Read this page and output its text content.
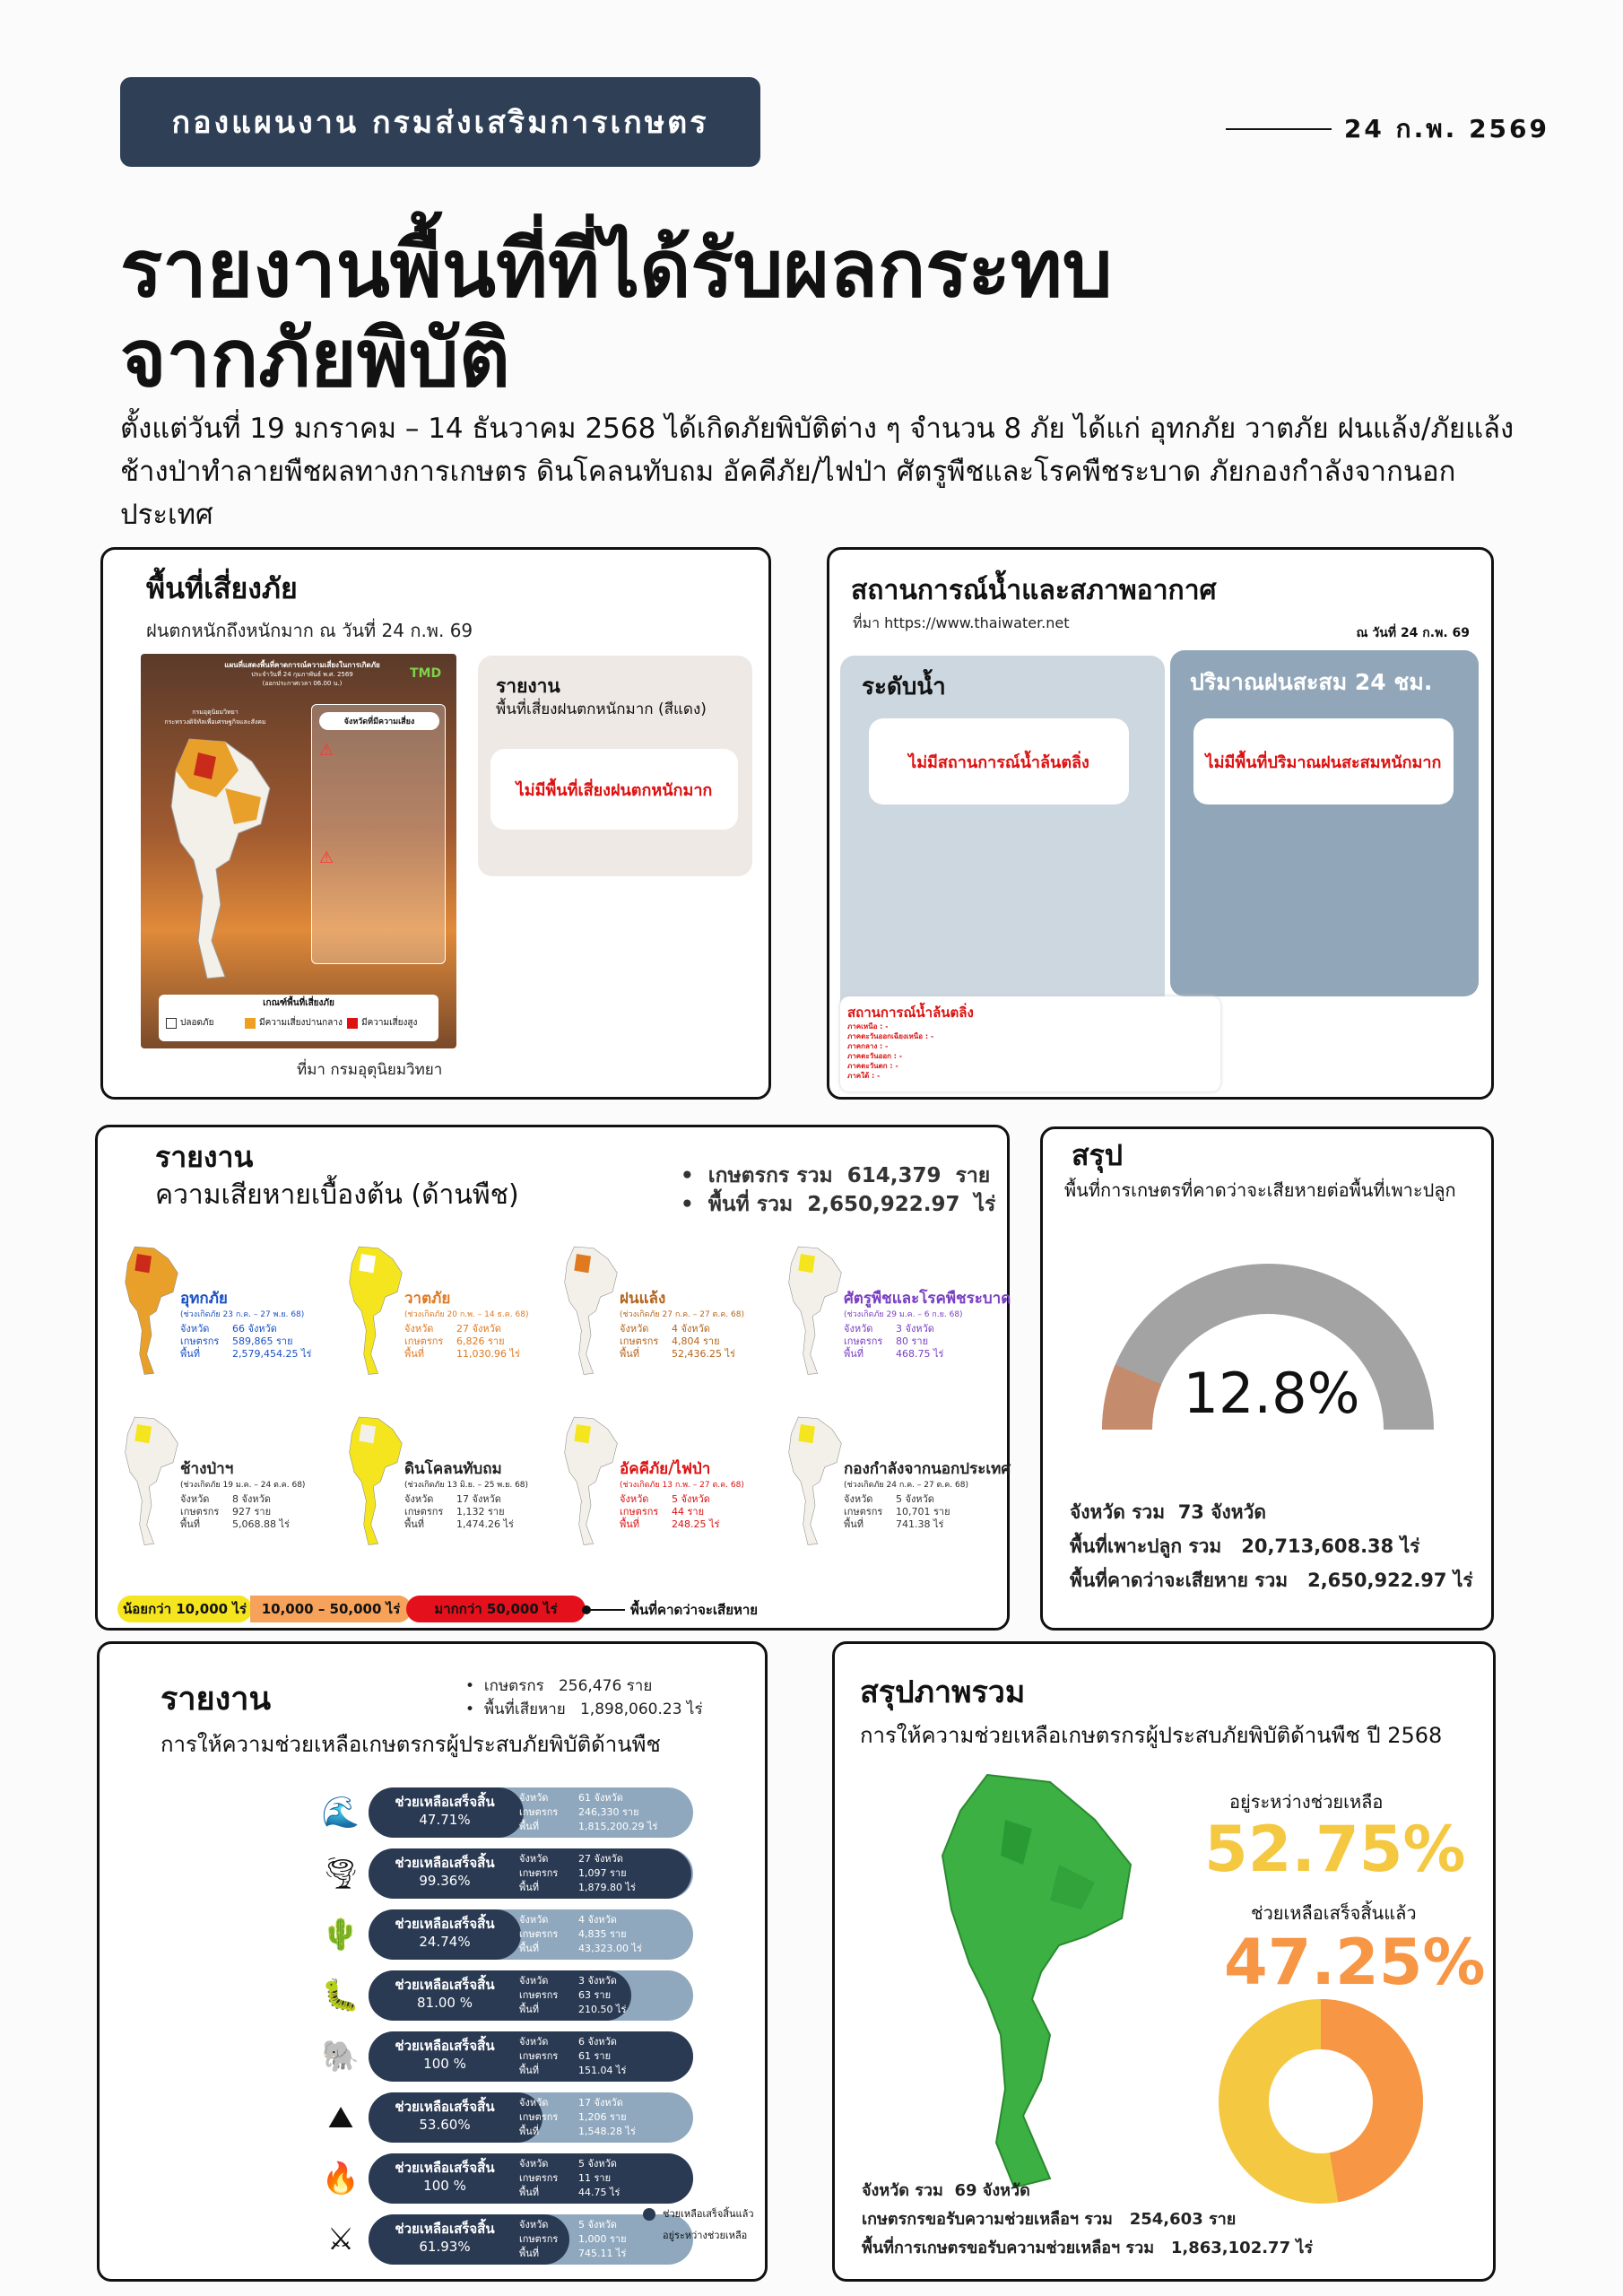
กองแผนงาน กรมส่งเสริมการเกษตร	24 ก.พ. 2569
รายงานพื้นที่ที่ได้รับผลกระทบ
จากภัยพิบัติ
ตั้งแต่วันที่ 19 มกราคม – 14 ธันวาคม 2568 ได้เกิดภัยพิบัติต่าง ๆ จำนวน 8 ภัย ได้แก่ อุทกภัย วาตภัย ฝนแล้ง/ภัยแล้ง ช้างป่าทำลายพืชผลทางการเกษตร ดินโคลนทับถม อัคคีภัย/ไฟป่า ศัตรูพืชและโรคพืชระบาด ภัยกองกำลังจากนอกประเทศ
พื้นที่เสี่ยงภัย
ฝนตกหนักถึงหนักมาก ณ วันที่ 24 ก.พ. 69
แผนที่แสดงพื้นที่คาดการณ์ความเสี่ยงในการเกิดภัย
ประจำวันที่ 24 กุมภาพันธ์ พ.ศ. 2569
(ออกประกาศเวลา 06.00 น.)
TMD
กรมอุตุนิยมวิทยา
กระทรวงดิจิทัลเพื่อเศรษฐกิจและสังคม	จังหวัดที่มีความเสี่ยง
⚠
⚠
เกณฑ์พื้นที่เสี่ยงภัย
ปลอดภัย	มีความเสี่ยงปานกลาง มีความเสี่ยงสูง
ที่มา กรมอุตุนิยมวิทยา
รายงาน
พื้นที่เสี่ยงฝนตกหนักมาก (สีแดง)
ไม่มีพื้นที่เสี่ยงฝนตกหนักมาก
สถานการณ์น้ำและสภาพอากาศ
ที่มา https://www.thaiwater.net
ณ วันที่ 24 ก.พ. 69
ระดับน้ำ
ไม่มีสถานการณ์น้ำล้นตลิ่ง
ปริมาณฝนสะสม 24 ชม.
ไม่มีพื้นที่ปริมาณฝนสะสมหนักมาก
สถานการณ์น้ำล้นตลิ่ง
ภาคเหนือ : -
ภาคตะวันออกเฉียงเหนือ : -
ภาคกลาง : -
ภาคตะวันออก : -
ภาคตะวันตก : -
ภาคใต้ : -
รายงาน
ความเสียหายเบื้องต้น (ด้านพืช)
•  เกษตรกร รวม 614,379 ราย
•  พื้นที่ รวม 2,650,922.97 ไร่
อุทกภัย
(ช่วงเกิดภัย 23 ก.ค. – 27 พ.ย. 68)
จังหวัด 66 จังหวัด
เกษตรกร 589,865 ราย
พื้นที่	2,579,454.25 ไร่
วาตภัย
(ช่วงเกิดภัย 20 ก.พ. – 14 ธ.ค. 68)
จังหวัด 27 จังหวัด
เกษตรกร 6,826 ราย
พื้นที่	11,030.96 ไร่
ฝนแล้ง
(ช่วงเกิดภัย 27 ก.ค. – 27 ต.ค. 68)
จังหวัด 4 จังหวัด
เกษตรกร 4,804 ราย
พื้นที่	52,436.25 ไร่
ศัตรูพืชและโรคพืชระบาด
(ช่วงเกิดภัย 29 ม.ค. – 6 ก.ย. 68)
จังหวัด 3 จังหวัด
เกษตรกร 80 ราย
พื้นที่	468.75 ไร่
ช้างป่าฯ
(ช่วงเกิดภัย 19 ม.ค. – 24 ต.ค. 68)
จังหวัด 8 จังหวัด
เกษตรกร 927 ราย
พื้นที่	5,068.88 ไร่
ดินโคลนทับถม
(ช่วงเกิดภัย 13 มิ.ย. – 25 พ.ย. 68)
จังหวัด 17 จังหวัด
เกษตรกร 1,132 ราย
พื้นที่	1,474.26 ไร่
อัคคีภัย/ไฟป่า
(ช่วงเกิดภัย 13 ก.พ. – 27 ต.ค. 68)
จังหวัด 5 จังหวัด
เกษตรกร 44 ราย
พื้นที่	248.25 ไร่
กองกำลังจากนอกประเทศ
(ช่วงเกิดภัย 24 ก.ค. – 27 ต.ค. 68)
จังหวัด 5 จังหวัด
เกษตรกร 10,701 ราย
พื้นที่	741.38 ไร่
น้อยกว่า 10,000 ไร่	10,000 – 50,000 ไร่	มากกว่า 50,000 ไร่	พื้นที่คาดว่าจะเสียหาย
สรุป
พื้นที่การเกษตรที่คาดว่าจะเสียหายต่อพื้นที่เพาะปลูก
12.8%
จังหวัด รวม 73 จังหวัด
พื้นที่เพาะปลูก รวม 20,713,608.38 ไร่
พื้นที่คาดว่าจะเสียหาย รวม 2,650,922.97 ไร่
รายงาน
การให้ความช่วยเหลือเกษตรกรผู้ประสบภัยพิบัติด้านพืช
•  เกษตรกร 256,476 ราย
•  พื้นที่เสียหาย 1,898,060.23 ไร่
🌊	ช่วยเหลือเสร็จสิ้น
47.71%
จังหวัด	61 จังหวัด
เกษตรกร 246,330 ราย
พื้นที่	1,815,200.29 ไร่
🌪	ช่วยเหลือเสร็จสิ้น
99.36%
จังหวัด	27 จังหวัด
เกษตรกร 1,097 ราย
พื้นที่	1,879.80 ไร่
🌵	ช่วยเหลือเสร็จสิ้น
24.74%
จังหวัด	4 จังหวัด
เกษตรกร 4,835 ราย
พื้นที่	43,323.00 ไร่
🐛	ช่วยเหลือเสร็จสิ้น
81.00 %
จังหวัด	3 จังหวัด
เกษตรกร 63 ราย
พื้นที่	210.50 ไร่
🐘	ช่วยเหลือเสร็จสิ้น
100 %
จังหวัด	6 จังหวัด
เกษตรกร 61 ราย
พื้นที่	151.04 ไร่
⛰	ช่วยเหลือเสร็จสิ้น
53.60%
จังหวัด	17 จังหวัด
เกษตรกร 1,206 ราย
พื้นที่	1,548.28 ไร่
🔥	ช่วยเหลือเสร็จสิ้น
100 %
จังหวัด	5 จังหวัด
เกษตรกร 11 ราย
พื้นที่	44.75 ไร่
⚔	ช่วยเหลือเสร็จสิ้น
61.93%
จังหวัด	5 จังหวัด
เกษตรกร 1,000 ราย
พื้นที่	745.11 ไร่
ช่วยเหลือเสร็จสิ้นแล้ว
อยู่ระหว่างช่วยเหลือ
สรุปภาพรวม
การให้ความช่วยเหลือเกษตรกรผู้ประสบภัยพิบัติด้านพืช ปี 2568
อยู่ระหว่างช่วยเหลือ
52.75%
ช่วยเหลือเสร็จสิ้นแล้ว
47.25%
จังหวัด รวม 69 จังหวัด
เกษตรกรขอรับความช่วยเหลือฯ รวม 254,603 ราย
พื้นที่การเกษตรขอรับความช่วยเหลือฯ รวม 1,863,102.77 ไร่
